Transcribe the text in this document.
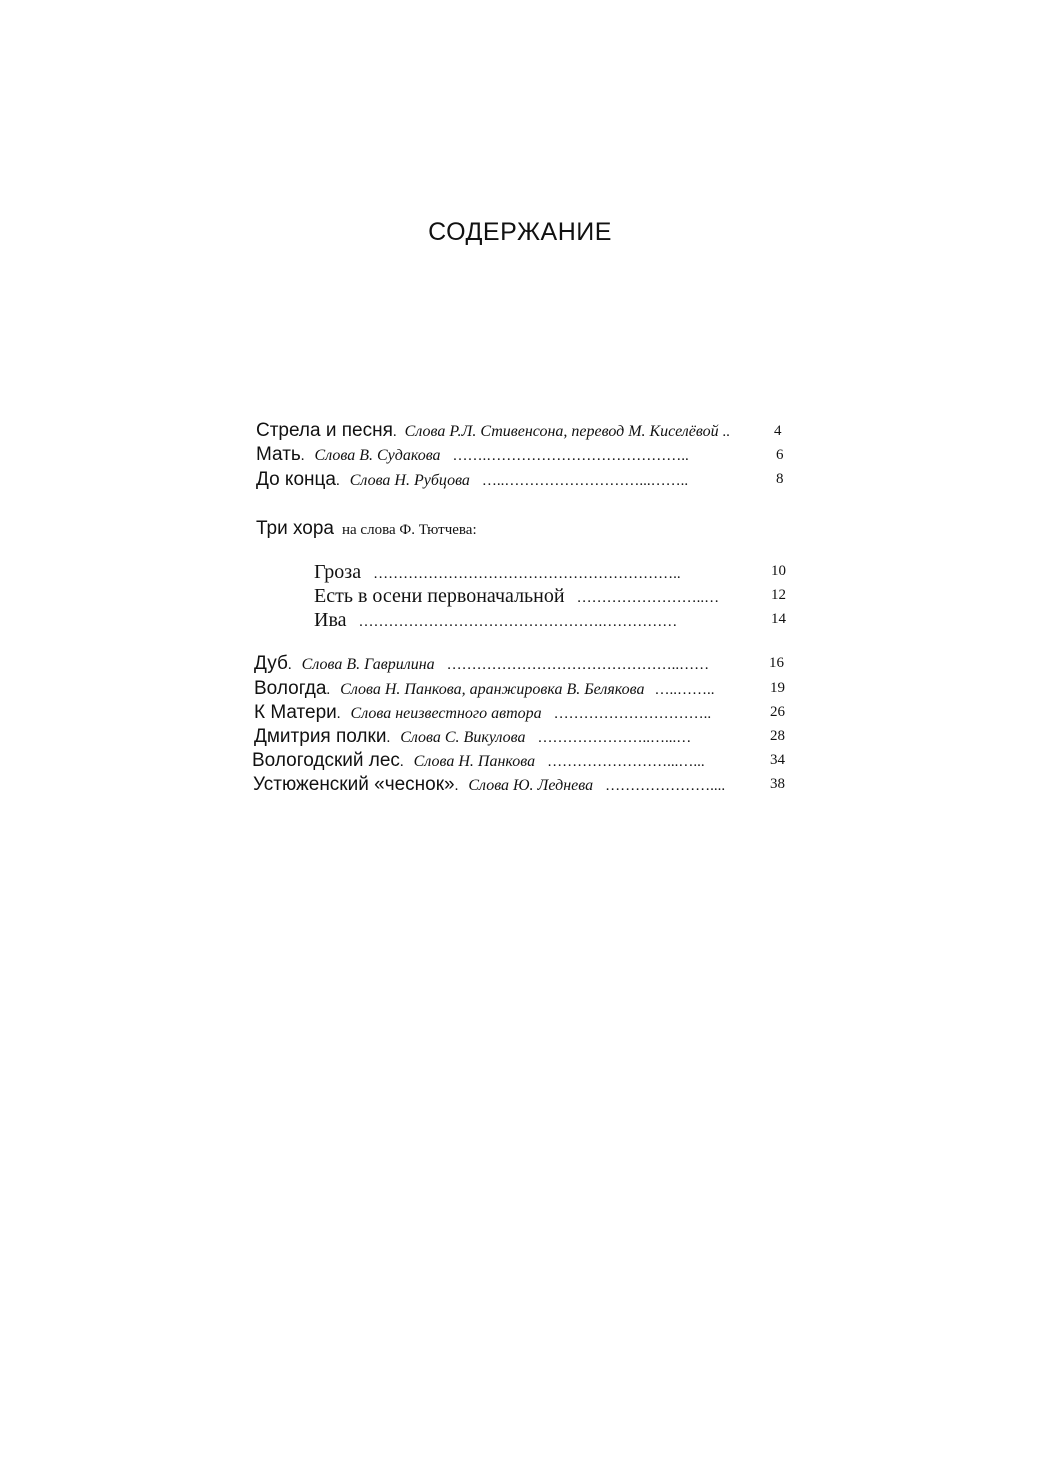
СОДЕРЖАНИЕ
Стрела и песня. Слова Р.Л. Стивенсона, перевод М. Киселёвой ..	4
Мать. Слова В. Судакова …….…………………………………..	6
До конца. Слова Н. Рубцова …..………………………...……..	8
Три хора на слова Ф. Тютчева:
Гроза ……………………………………………………..	10
Есть в осени первоначальной ……………………..…	12
Ива ………………………………………….……………	14
Дуб. Слова В. Гаврилина ………………………………………..……	16
Вологда. Слова Н. Панкова, аранжировка В. Белякова …..……..	19
К Матери. Слова неизвестного автора …………………………..	26
Дмитрия полки. Слова С. Викулова …………………..…...…	28
Вологодский лес. Слова Н. Панкова ……………………...…...	34
Устюженский «чеснок». Слова Ю. Леднева …………………....	38
